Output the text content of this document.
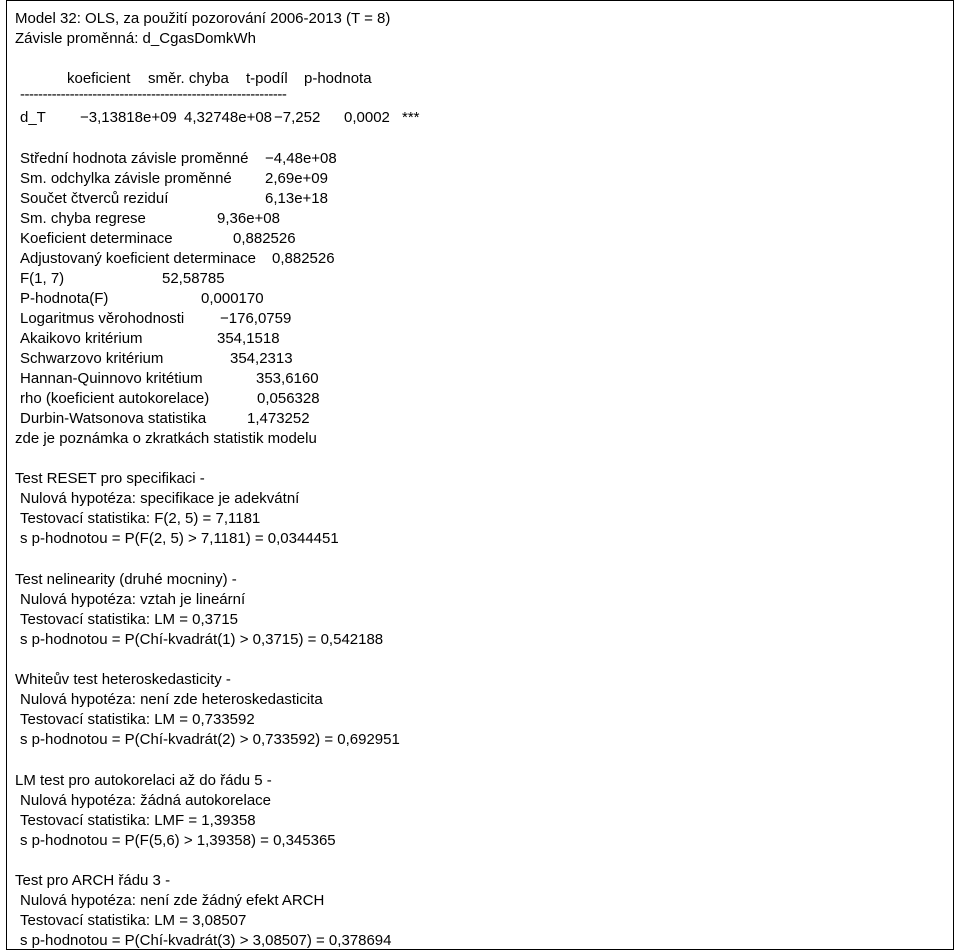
Model 32: OLS, za použití pozorování 2006-2013 (T = 8)
Závisle proměnná: d_CgasDomkWh
koeficient směr. chyba t-podíl p-hodnota
-----------------------------------------------------------
d_T −3,13818e+09 4,32748e+08 −7,252 0,0002 ***
Střední hodnota závisle proměnné −4,48e+08
Sm. odchylka závisle proměnné 2,69e+09
Součet čtverců reziduí	6,13e+18
Sm. chyba regrese	9,36e+08
Koeficient determinace	0,882526
Adjustovaný koeficient determinace 0,882526
F(1, 7)	52,58785
P-hodnota(F)	0,000170
Logaritmus věrohodnosti −176,0759
Akaikovo kritérium	354,1518
Schwarzovo kritérium	354,2313
Hannan-Quinnovo kritétium	353,6160
rho (koeficient autokorelace)	0,056328
Durbin-Watsonova statistika	1,473252
zde je poznámka o zkratkách statistik modelu
Test RESET pro specifikaci -
Nulová hypotéza: specifikace je adekvátní
Testovací statistika: F(2, 5) = 7,1181
s p-hodnotou = P(F(2, 5) > 7,1181) = 0,0344451
Test nelinearity (druhé mocniny) -
Nulová hypotéza: vztah je lineární
Testovací statistika: LM = 0,3715
s p-hodnotou = P(Chí-kvadrát(1) > 0,3715) = 0,542188
Whiteův test heteroskedasticity -
Nulová hypotéza: není zde heteroskedasticita
Testovací statistika: LM = 0,733592
s p-hodnotou = P(Chí-kvadrát(2) > 0,733592) = 0,692951
LM test pro autokorelaci až do řádu 5 -
Nulová hypotéza: žádná autokorelace
Testovací statistika: LMF = 1,39358
s p-hodnotou = P(F(5,6) > 1,39358) = 0,345365
Test pro ARCH řádu 3 -
Nulová hypotéza: není zde žádný efekt ARCH
Testovací statistika: LM = 3,08507
s p-hodnotou = P(Chí-kvadrát(3) > 3,08507) = 0,378694
